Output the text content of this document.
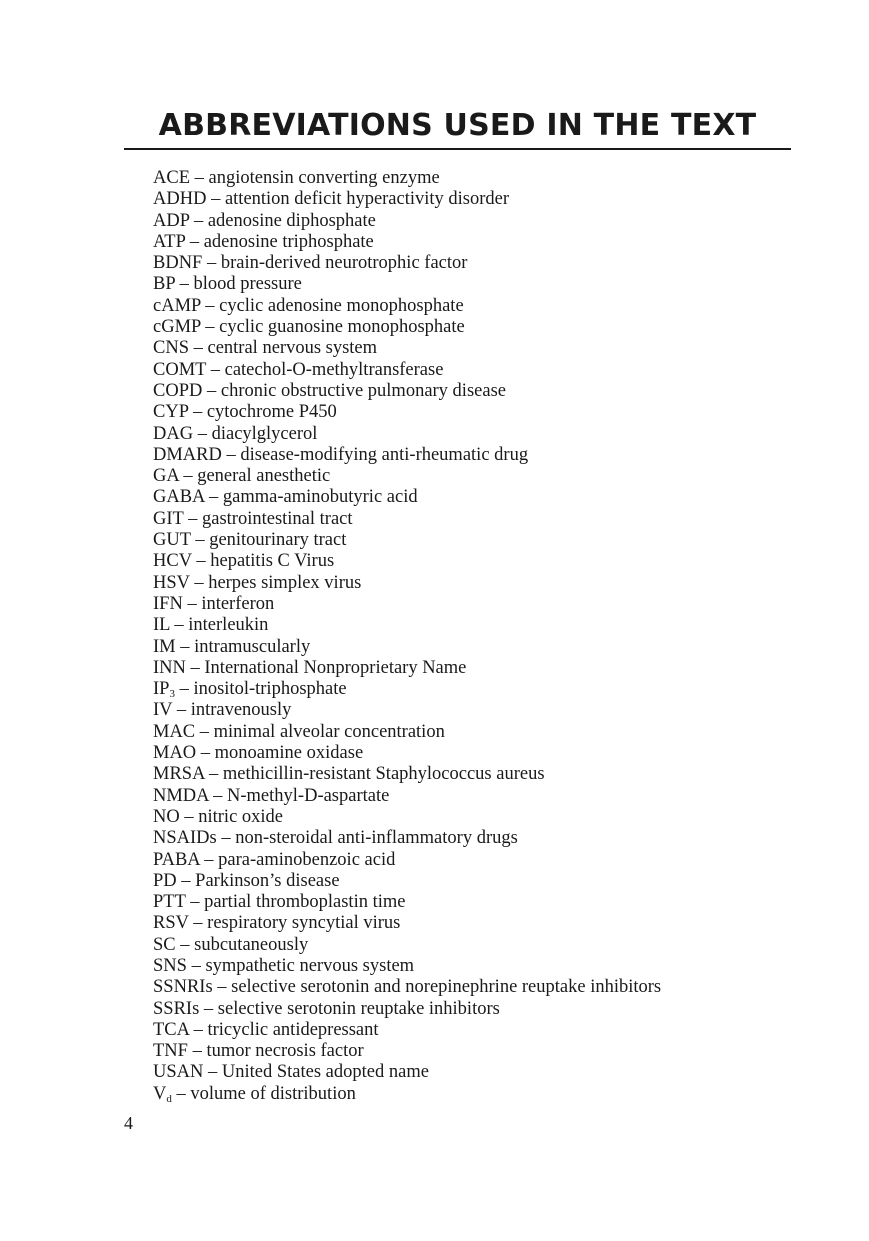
ABBREVIATIONS USED IN THE TEXT
ACE – angiotensin converting enzyme
ADHD – attention deficit hyperactivity disorder
ADP – adenosine diphosphate
ATP – adenosine triphosphate
BDNF – brain-derived neurotrophic factor
BP – blood pressure
cAMP – cyclic adenosine monophosphate
cGMP – cyclic guanosine monophosphate
CNS – central nervous system
COMT – catechol-O-methyltransferase
COPD – chronic obstructive pulmonary disease
CYP – cytochrome P450
DAG – diacylglycerol
DMARD – disease-modifying anti-rheumatic drug
GA – general anesthetic
GABA – gamma-aminobutyric acid
GIT – gastrointestinal tract
GUT – genitourinary tract
HCV – hepatitis C Virus
HSV – herpes simplex virus
IFN – interferon
IL – interleukin
IM – intramuscularly
INN – International Nonproprietary Name
$IP_3$ – inositol-triphosphate
IV – intravenously
MAC – minimal alveolar concentration
MAO – monoamine oxidase
MRSA – methicillin-resistant Staphylococcus aureus
NMDA – N-methyl-D-aspartate
NO – nitric oxide
NSAIDs – non-steroidal anti-inflammatory drugs
PABA – para-aminobenzoic acid
PD – Parkinson’s disease
PTT – partial thromboplastin time
RSV – respiratory syncytial virus
SC – subcutaneously
SNS – sympathetic nervous system
SSNRIs – selective serotonin and norepinephrine reuptake inhibitors
SSRIs – selective serotonin reuptake inhibitors
TCA – tricyclic antidepressant
TNF – tumor necrosis factor
USAN – United States adopted name
$V_d$ – volume of distribution
4
